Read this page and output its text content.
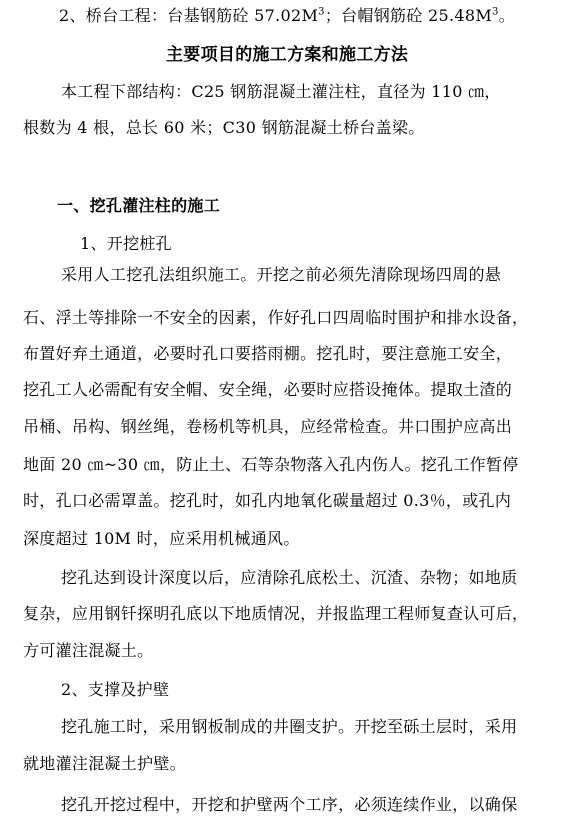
2、桥台工程：台基钢筋砼 $57.02M^3$；台帽钢筋砼 $25.48M^3$。
主要项目的施工方案和施工方法
本工程下部结构：C25 钢筋混凝土灌注柱，直径为 110 ㎝，
根数为 4 根，总长 60 米；C30 钢筋混凝土桥台盖梁。
一、挖孔灌注柱的施工
1、开挖桩孔
采用人工挖孔法组织施工。开挖之前必须先清除现场四周的悬
石、浮土等排除一不安全的因素，作好孔口四周临时围护和排水设备，
布置好弃土通道，必要时孔口要搭雨棚。挖孔时，要注意施工安全，
挖孔工人必需配有安全帽、安全绳，必要时应搭设掩体。提取土渣的
吊桶、吊构、钢丝绳，卷杨机等机具，应经常检查。井口围护应高出
地面 20 ㎝~30 ㎝，防止土、石等杂物落入孔内伤人。挖孔工作暂停
时，孔口必需罩盖。挖孔时，如孔内地氧化碳量超过 0.3％，或孔内
深度超过 10M 时，应采用机械通风。
挖孔达到设计深度以后，应清除孔底松土、沉渣、杂物；如地质
复杂，应用钢钎探明孔底以下地质情况，并报监理工程师复查认可后，
方可灌注混凝土。
2、支撑及护壁
挖孔施工时，采用钢板制成的井圈支护。开挖至砾土层时，采用
就地灌注混凝土护壁。
挖孔开挖过程中，开挖和护壁两个工序，必须连续作业，以确保
